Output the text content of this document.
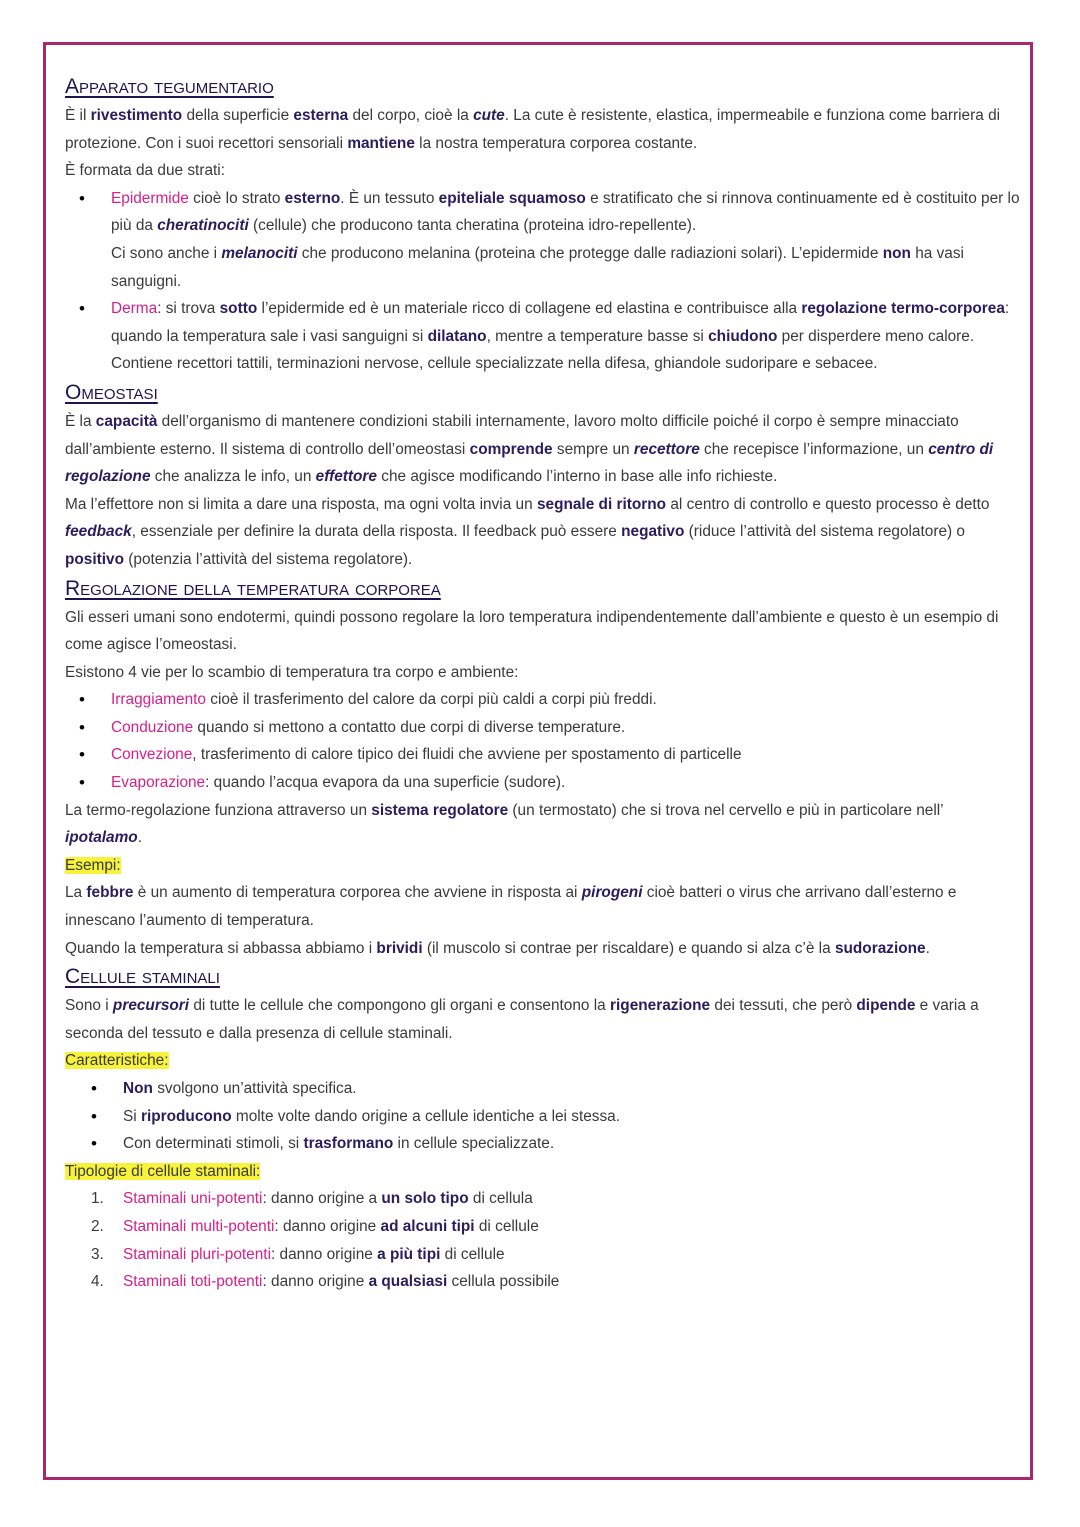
Apparato tegumentario

È il rivestimento della superficie esterna del corpo, cioè la cute. La cute è resistente, elastica, impermeabile e funziona come barriera di protezione. Con i suoi recettori sensoriali mantiene la nostra temperatura corporea costante.

È formata da due strati:

• Epidermide cioè lo strato esterno. È un tessuto epiteliale squamoso e stratificato che si rinnova continuamente ed è costituito per lo più da cheratinociti (cellule) che producono tanta cheratina (proteina idro-repellente).
Ci sono anche i melanociti che producono melanina (proteina che protegge dalle radiazioni solari). L’epidermide non ha vasi sanguigni.
• Derma: si trova sotto l’epidermide ed è un materiale ricco di collagene ed elastina e contribuisce alla regolazione termo-corporea: quando la temperatura sale i vasi sanguigni si dilatano, mentre a temperature basse si chiudono per disperdere meno calore. Contiene recettori tattili, terminazioni nervose, cellule specializzate nella difesa, ghiandole sudoripare e sebacee.
Omeostasi

È la capacità dell’organismo di mantenere condizioni stabili internamente, lavoro molto difficile poiché il corpo è sempre minacciato dall’ambiente esterno. Il sistema di controllo dell’omeostasi comprende sempre un recettore che recepisce l’informazione, un centro di regolazione che analizza le info, un effettore che agisce modificando l’interno in base alle info richieste.

Ma l’effettore non si limita a dare una risposta, ma ogni volta invia un segnale di ritorno al centro di controllo e questo processo è detto feedback, essenziale per definire la durata della risposta. Il feedback può essere negativo (riduce l’attività del sistema regolatore) o positivo (potenzia l’attività del sistema regolatore).

Regolazione della temperatura corporea

Gli esseri umani sono endotermi, quindi possono regolare la loro temperatura indipendentemente dall’ambiente e questo è un esempio di come agisce l’omeostasi.

Esistono 4 vie per lo scambio di temperatura tra corpo e ambiente:

• Irraggiamento cioè il trasferimento del calore da corpi più caldi a corpi più freddi.
• Conduzione quando si mettono a contatto due corpi di diverse temperature.
• Convezione, trasferimento di calore tipico dei fluidi che avviene per spostamento di particelle
• Evaporazione: quando l’acqua evapora da una superficie (sudore).

La termo-regolazione funziona attraverso un sistema regolatore (un termostato) che si trova nel cervello e più in particolare nell’ ipotalamo.

Esempi:

La febbre è un aumento di temperatura corporea che avviene in risposta ai pirogeni cioè batteri o virus che arrivano dall’esterno e innescano l’aumento di temperatura.

Quando la temperatura si abbassa abbiamo i brividi (il muscolo si contrae per riscaldare) e quando si alza c’è la sudorazione.

Cellule staminali

Sono i precursori di tutte le cellule che compongono gli organi e consentono la rigenerazione dei tessuti, che però dipende e varia a seconda del tessuto e dalla presenza di cellule staminali.

Caratteristiche:

• Non svolgono un’attività specifica.
• Si riproducono molte volte dando origine a cellule identiche a lei stessa.
• Con determinati stimoli, si trasformano in cellule specializzate.

Tipologie di cellule staminali:

1. Staminali uni-potenti: danno origine a un solo tipo di cellula
2. Staminali multi-potenti: danno origine ad alcuni tipi di cellule
3. Staminali pluri-potenti: danno origine a più tipi di cellule
4. Staminali toti-potenti: danno origine a qualsiasi cellula possibile
